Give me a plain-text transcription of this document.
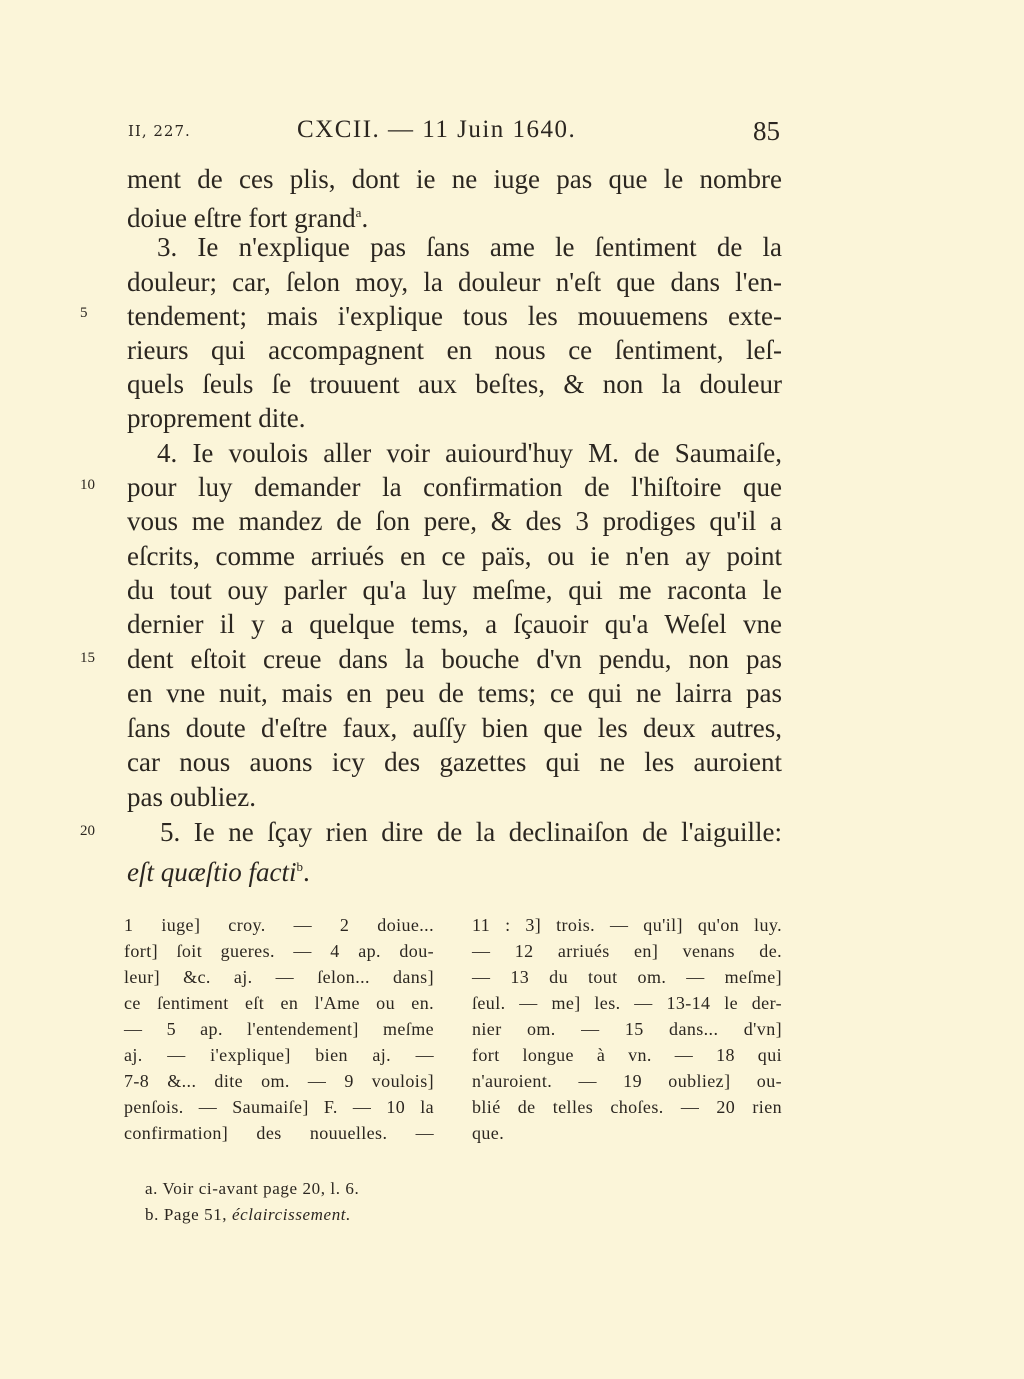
II, 227.	CXCII. — 11 Juin 1640.	85
ment de ces plis, dont ie ne iuge pas que le nombre
doiue eſtre fort grand$^a$.
3. Ie n'explique pas ſans ame le ſentiment de la
douleur; car, ſelon moy, la douleur n'eſt que dans l'en-
tendement; mais i'explique tous les mouuemens exte-
rieurs qui accompagnent en nous ce ſentiment, leſ-
quels ſeuls ſe trouuent aux beſtes, & non la douleur
proprement dite.
4. Ie voulois aller voir auiourd'huy M. de Saumaiſe,
pour luy demander la confirmation de l'hiſtoire que
vous me mandez de ſon pere, & des 3 prodiges qu'il a
eſcrits, comme arriués en ce païs, ou ie n'en ay point
du tout ouy parler qu'a luy meſme, qui me raconta le
dernier il y a quelque tems, a ſçauoir qu'a Weſel vne
dent eſtoit creue dans la bouche d'vn pendu, non pas
en vne nuit, mais en peu de tems; ce qui ne lairra pas
ſans doute d'eſtre faux, auſſy bien que les deux autres,
car nous auons icy des gazettes qui ne les auroient
pas oubliez.
5. Ie ne ſçay rien dire de la declinaiſon de l'aiguille:
eſt quæſtio facti$^b$.
5
10
15
20
1 iuge] croy. — 2 doiue...
fort] ſoit gueres. — 4 ap. dou-
leur] &c. aj. — ſelon... dans]
ce ſentiment eſt en l'Ame ou en.
— 5 ap. l'entendement] meſme
aj. — i'explique] bien aj. —
7-8 &... dite om. — 9 voulois]
penſois. — Saumaiſe] F. — 10 la
confirmation] des nouuelles. —
11 : 3] trois. — qu'il] qu'on luy.
— 12 arriués en] venans de.
— 13 du tout om. — meſme]
ſeul. — me] les. — 13-14 le der-
nier om. — 15 dans... d'vn]
fort longue à vn. — 18 qui
n'auroient. — 19 oubliez] ou-
blié de telles choſes. — 20 rien
que.
a. Voir ci-avant page 20, l. 6.
b. Page 51, éclaircissement.
